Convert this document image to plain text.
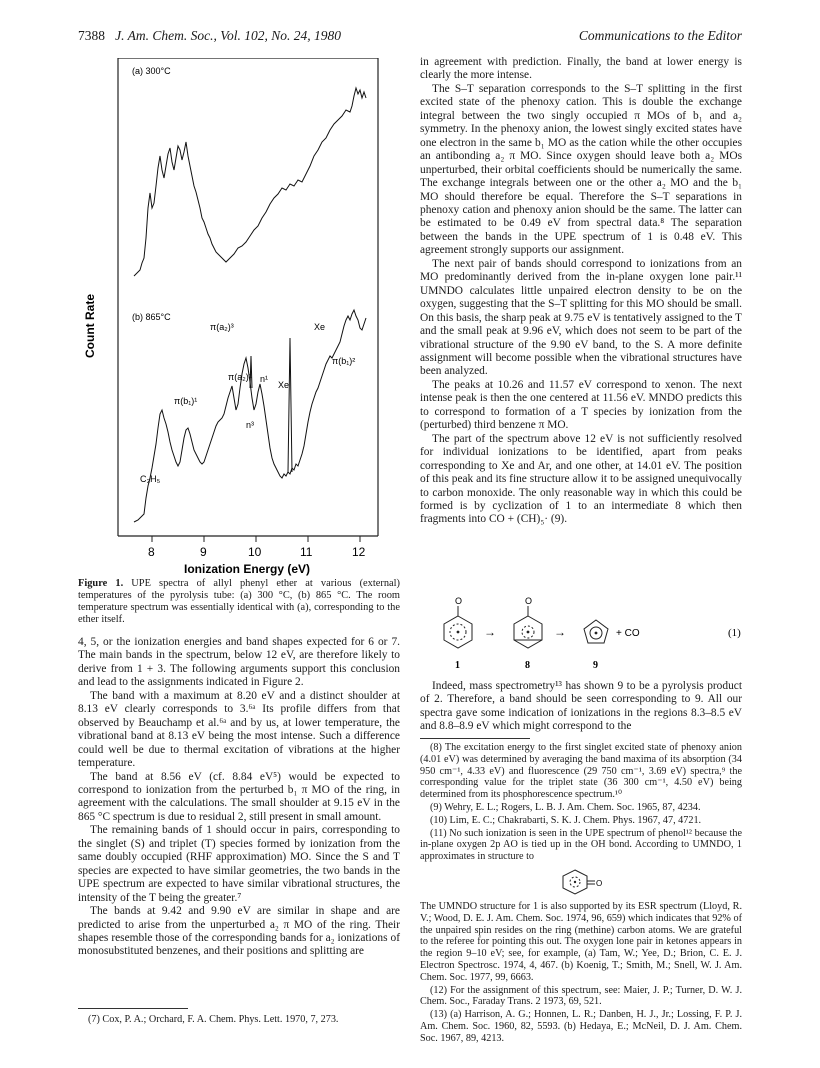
7388 J. Am. Chem. Soc., Vol. 102, No. 24, 1980	Communications to the Editor
(a) 300°C
(b) 865°C
Count Rate	π(a₂)³	Xe
π(b₁)²
π(a₂)¹ n¹
Xe
π(b₁)¹
n³
C₃H₅
8	9	10	11	12
Ionization Energy (eV)
Figure 1. UPE spectra of allyl phenyl ether at various (external) temperatures of the pyrolysis tube: (a) 300 °C, (b) 865 °C. The room temperature spectrum was essentially identical with (a), corresponding to the ether itself.

4, 5, or the ionization energies and band shapes expected for 6 or 7. The main bands in the spectrum, below 12 eV, are therefore likely to derive from 1 + 3. The following arguments support this conclusion and lead to the assignments indicated in Figure 2.

The band with a maximum at 8.20 eV and a distinct shoulder at 8.13 eV clearly corresponds to 3.⁶ᵃ Its profile differs from that observed by Beauchamp et al.⁶ᵃ and by us, at lower temperature, the vibrational band at 8.13 eV being the most intense. Such a difference could well be due to thermal excitation of vibrations at the higher temperature.

The band at 8.56 eV (cf. 8.84 eV⁵) would be expected to correspond to ionization from the perturbed b₁ π MO of the ring, in agreement with the calculations. The small shoulder at 9.15 eV in the 865 °C spectrum is due to residual 2, still present in small amount.

The remaining bands of 1 should occur in pairs, corresponding to the singlet (S) and triplet (T) species formed by ionization from the same doubly occupied (RHF approximation) MO. Since the S and T species are expected to have similar geometries, the two bands in the UPE spectrum are expected to have similar vibrational structures, the intensity of the T being the greater.⁷

The bands at 9.42 and 9.90 eV are similar in shape and are predicted to arise from the unperturbed a₂ π MO of the ring. Their shapes resemble those of the corresponding bands for a₂ ionizations of monosubstituted benzenes, and their positions and splitting are

(7) Cox, P. A.; Orchard, F. A. Chem. Phys. Lett. 1970, 7, 273.

in agreement with prediction. Finally, the band at lower energy is clearly the more intense.

The S–T separation corresponds to the S–T splitting in the first excited state of the phenoxy cation. This is double the exchange integral between the two singly occupied π MOs of b₁ and a₂ symmetry. In the phenoxy anion, the lowest singly excited states have one electron in the same b₁ MO as the cation while the other occupies an antibonding a₂ π MO. Since oxygen should leave both a₂ MOs unperturbed, their orbital coefficients should be numerically the same. The exchange integrals between one or the other a₂ MO and the b₁ MO should therefore be equal. Therefore the S–T separations in phenoxy cation and phenoxy anion should be the same. The latter can be estimated to be 0.49 eV from spectral data.⁸ The separation between the bands in the UPE spectrum of 1 is 0.48 eV. This agreement strongly supports our assignment.

The next pair of bands should correspond to ionizations from an MO predominantly derived from the in-plane oxygen lone pair.¹¹ UMNDO calculates little unpaired electron density to be on the oxygen, suggesting that the S–T splitting for this MO should be small. On this basis, the sharp peak at 9.75 eV is tentatively assigned to the T and the small peak at 9.96 eV, which does not seem to be part of the vibrational structure of the 9.90 eV band, to the S. A more definite assignment will become possible when the vibrational structures have been analyzed.

The peaks at 10.26 and 11.57 eV correspond to xenon. The next intense peak is then the one centered at 11.56 eV. MNDO predicts this to correspond to formation of a T species by ionization from the (perturbed) third benzene π MO.

The part of the spectrum above 12 eV is not sufficiently resolved for individual ionizations to be identified, apart from peaks corresponding to Xe and Ar, and one other, at 14.01 eV. The position of this peak and its fine structure allow it to be assigned unequivocally to carbon monoxide. The only reasonable way in which this could be formed is by cyclization of 1 to an intermediate 8 which then fragments into CO + (CH)₅· (9).

O
1
→
O
8
→
9
+ CO	(1)

Indeed, mass spectrometry¹³ has shown 9 to be a pyrolysis product of 2. Therefore, a band should be seen corresponding to 9. All our spectra gave some indication of ionizations in the regions 8.3–8.5 eV and 8.8–8.9 eV which might correspond to the

(8) The excitation energy to the first singlet excited state of phenoxy anion (4.01 eV) was determined by averaging the band maxima of its absorption (34 950 cm⁻¹, 4.33 eV) and fluorescence (29 750 cm⁻¹, 3.69 eV) spectra,⁹ the corresponding value for the triplet state (36 300 cm⁻¹, 4.50 eV) being determined from its phosphorescence spectrum.¹⁰

(9) Wehry, E. L.; Rogers, L. B. J. Am. Chem. Soc. 1965, 87, 4234.

(10) Lim, E. C.; Chakrabarti, S. K. J. Chem. Phys. 1967, 47, 4721.

(11) No such ionization is seen in the UPE spectrum of phenol¹² because the in-plane oxygen 2p AO is tied up in the OH bond. According to UMNDO, 1 approximates in structure to

O

The UMNDO structure for 1 is also supported by its ESR spectrum (Lloyd, R. V.; Wood, D. E. J. Am. Chem. Soc. 1974, 96, 659) which indicates that 92% of the unpaired spin resides on the ring (methine) carbon atoms. We are grateful to the referee for pointing this out. The oxygen lone pair in ketones appears in the region 9–10 eV; see, for example, (a) Tam, W.; Yee, D.; Brion, C. E. J. Electron Spectrosc. 1974, 4, 467. (b) Koenig, T.; Smith, M.; Snell, W. J. Am. Chem. Soc. 1977, 99, 6663.

(12) For the assignment of this spectrum, see: Maier, J. P.; Turner, D. W. J. Chem. Soc., Faraday Trans. 2 1973, 69, 521.

(13) (a) Harrison, A. G.; Honnen, L. R.; Danben, H. J., Jr.; Lossing, F. P. J. Am. Chem. Soc. 1960, 82, 5593. (b) Hedaya, E.; McNeil, D. J. Am. Chem. Soc. 1967, 89, 4213.
